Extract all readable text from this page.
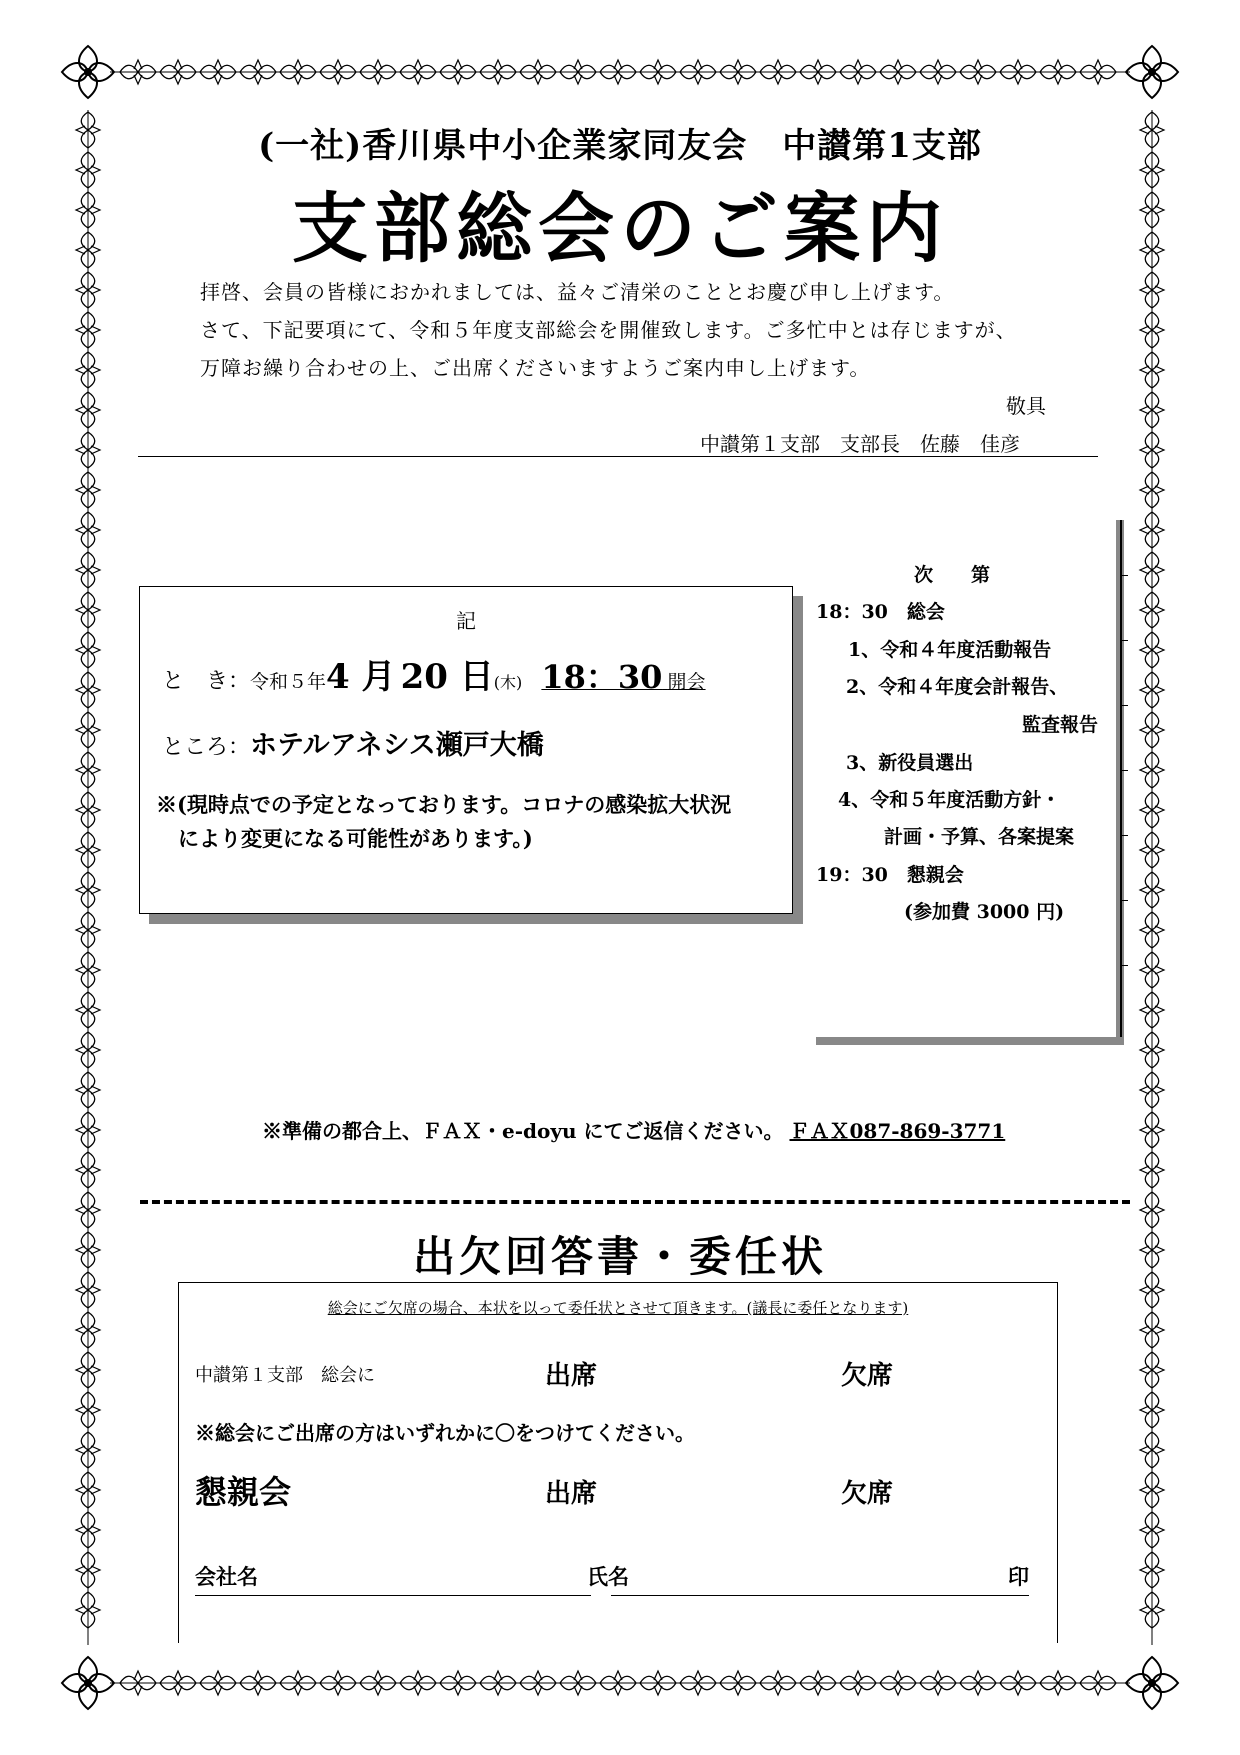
(一社)香川県中小企業家同友会　中讃第1支部
支部総会のご案内
拝啓、会員の皆様におかれましては、益々ご清栄のこととお慶び申し上げます。
さて、下記要項にて、令和５年度支部総会を開催致します。ご多忙中とは存じますが、
万障お繰り合わせの上、ご出席くださいますようご案内申し上げます。
敬具
中讃第１支部　支部長　佐藤　佳彦
記
と　き：令和５年4 月 20 日(木) 18：30 開会
ところ：ホテルアネシス瀬戸大橋
※(現時点での予定となっております。コロナの感染拡大状況
により変更になる可能性があります。)
次　　第
18：30　総会
1、令和４年度活動報告
2、令和４年度会計報告、
監査報告
3、新役員選出
4、令和５年度活動方針・
計画・予算、各案提案
19：30　懇親会
(参加費 3000 円)
※準備の都合上、ＦＡＸ・e-doyu にてご返信ください。 ＦＡＸ087-869-3771
出欠回答書・委任状
総会にご欠席の場合、本状を以って委任状とさせて頂きます。(議長に委任となります)
中讃第１支部　総会に	出席	欠席
※総会にご出席の方はいずれかに〇をつけてください。
懇親会	出席	欠席
会社名	氏名	印
